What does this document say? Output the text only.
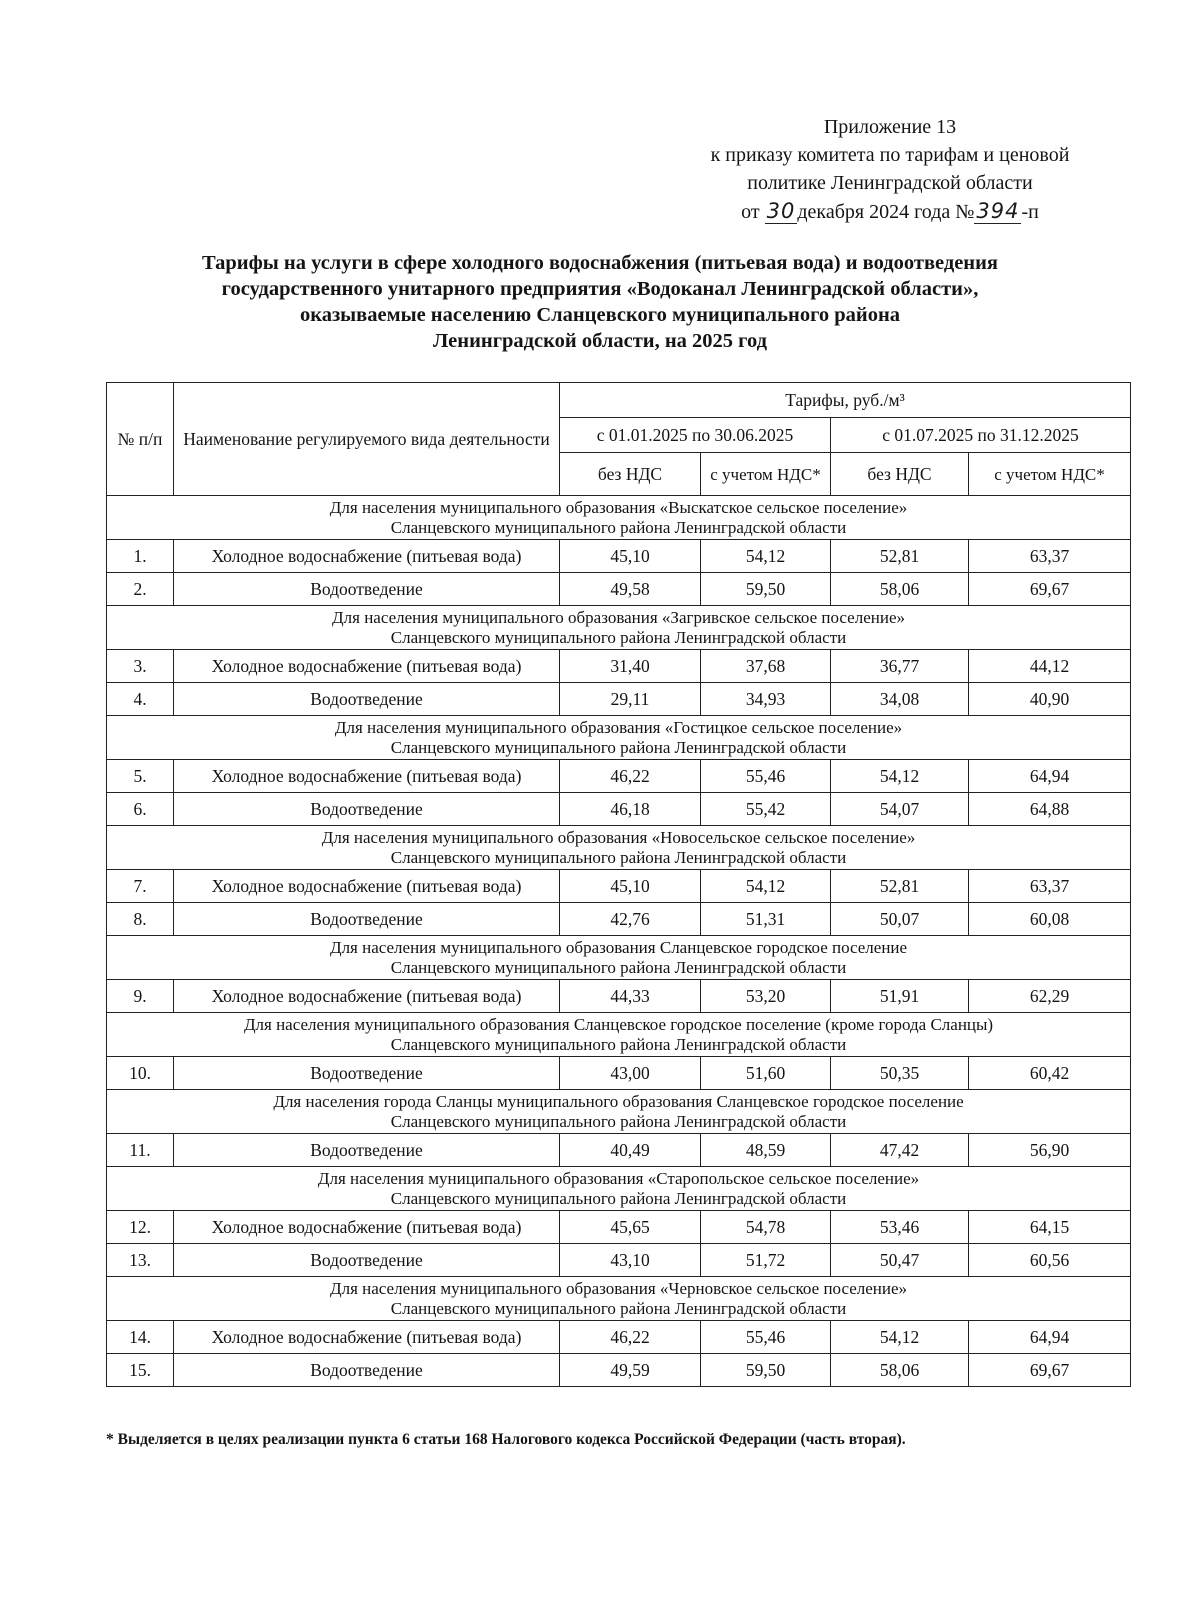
Приложение 13
к приказу комитета по тарифам и ценовой
политике Ленинградской области
от 30 декабря 2024 года №394 -п
Тарифы на услуги в сфере холодного водоснабжения (питьевая вода) и водоотведения
государственного унитарного предприятия «Водоканал Ленинградской области»,
оказываемые населению Сланцевского муниципального района
Ленинградской области, на 2025 год
№ п/п	Наименование регулируемого вида деятельности	Тарифы, руб./м³			
		с 01.01.2025 по 30.06.2025		с 01.07.2025 по 31.12.2025	
		без НДС	с учетом НДС*	без НДС	с учетом НДС*

Для населения муниципального образования «Выскатское сельское поселение»
Сланцевского муниципального района Ленинградской области					

1.	Холодное водоснабжение (питьевая вода)	45,10	54,12	52,81	63,37
2.	Водоотведение	49,58	59,50	58,06	69,67

Для населения муниципального образования «Загривское сельское поселение»
Сланцевского муниципального района Ленинградской области					

3.	Холодное водоснабжение (питьевая вода)	31,40	37,68	36,77	44,12
4.	Водоотведение	29,11	34,93	34,08	40,90

Для населения муниципального образования «Гостицкое сельское поселение»
Сланцевского муниципального района Ленинградской области					

5.	Холодное водоснабжение (питьевая вода)	46,22	55,46	54,12	64,94
6.	Водоотведение	46,18	55,42	54,07	64,88

Для населения муниципального образования «Новосельское сельское поселение»
Сланцевского муниципального района Ленинградской области					

7.	Холодное водоснабжение (питьевая вода)	45,10	54,12	52,81	63,37
8.	Водоотведение	42,76	51,31	50,07	60,08

Для населения муниципального образования Сланцевское городское поселение
Сланцевского муниципального района Ленинградской области					

9.	Холодное водоснабжение (питьевая вода)	44,33	53,20	51,91	62,29

Для населения муниципального образования Сланцевское городское поселение (кроме города Сланцы)
Сланцевского муниципального района Ленинградской области					

10.	Водоотведение	43,00	51,60	50,35	60,42

Для населения города Сланцы муниципального образования Сланцевское городское поселение
Сланцевского муниципального района Ленинградской области					

11.	Водоотведение	40,49	48,59	47,42	56,90

Для населения муниципального образования «Старопольское сельское поселение»
Сланцевского муниципального района Ленинградской области					

12.	Холодное водоснабжение (питьевая вода)	45,65	54,78	53,46	64,15
13.	Водоотведение	43,10	51,72	50,47	60,56

Для населения муниципального образования «Черновское сельское поселение»
Сланцевского муниципального района Ленинградской области					

14.	Холодное водоснабжение (питьевая вода)	46,22	55,46	54,12	64,94
15.	Водоотведение	49,59	59,50	58,06	69,67
* Выделяется в целях реализации пункта 6 статьи 168 Налогового кодекса Российской Федерации (часть вторая).
